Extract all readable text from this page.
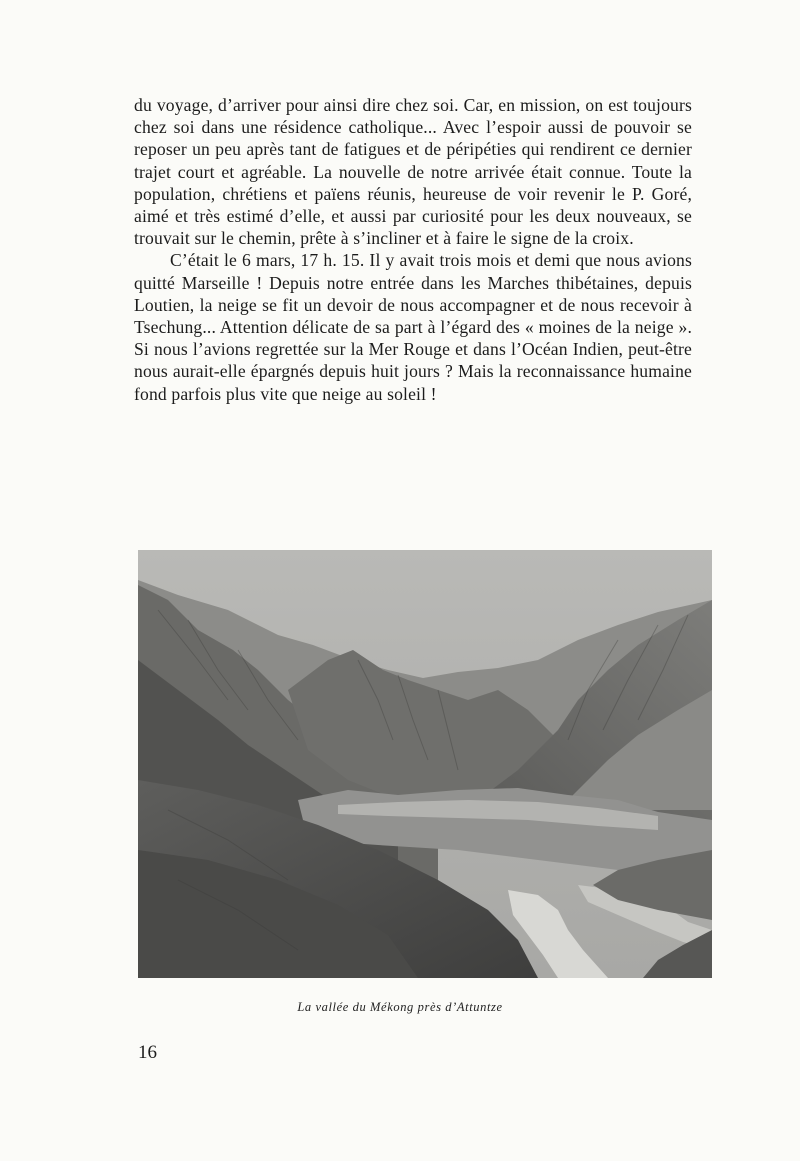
du voyage, d’arriver pour ainsi dire chez soi. Car, en mission, on est toujours chez soi dans une résidence catholique... Avec l’espoir aussi de pouvoir se reposer un peu après tant de fatigues et de péripéties qui rendirent ce dernier trajet court et agréable. La nouvelle de notre arrivée était connue. Toute la population, chrétiens et païens réunis, heureuse de voir revenir le P. Goré, aimé et très estimé d’elle, et aussi par curiosité pour les deux nouveaux, se trouvait sur le chemin, prête à s’incliner et à faire le signe de la croix.

C’était le 6 mars, 17 h. 15. Il y avait trois mois et demi que nous avions quitté Marseille ! Depuis notre entrée dans les Marches thibétaines, depuis Loutien, la neige se fit un devoir de nous accompagner et de nous recevoir à Tsechung... Attention délicate de sa part à l’égard des « moines de la neige ». Si nous l’avions regrettée sur la Mer Rouge et dans l’Océan Indien, peut-être nous aurait-elle épargnés depuis huit jours ? Mais la reconnaissance humaine fond parfois plus vite que neige au soleil !

La vallée du Mékong près d’Attuntze
16
